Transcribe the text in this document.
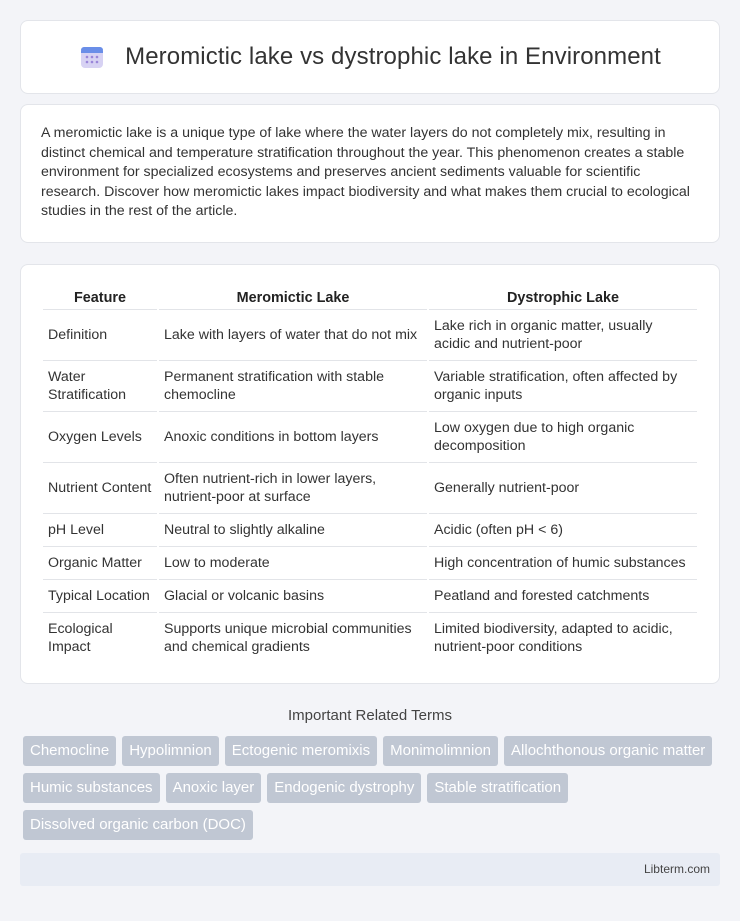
Meromictic lake vs dystrophic lake in Environment

A meromictic lake is a unique type of lake where the water layers do not completely mix, resulting in distinct chemical and temperature stratification throughout the year. This phenomenon creates a stable environment for specialized ecosystems and preserves ancient sediments valuable for scientific research. Discover how meromictic lakes impact biodiversity and what makes them crucial to ecological studies in the rest of the article.

Feature	Meromictic Lake	Dystrophic Lake
Definition	Lake with layers of water that do not mix	Lake rich in organic matter, usually acidic and nutrient-poor
Water Stratification	Permanent stratification with stable chemocline	Variable stratification, often affected by organic inputs
Oxygen Levels	Anoxic conditions in bottom layers	Low oxygen due to high organic decomposition
Nutrient Content	Often nutrient-rich in lower layers, nutrient-poor at surface	Generally nutrient-poor
pH Level	Neutral to slightly alkaline	Acidic (often pH < 6)
Organic Matter	Low to moderate	High concentration of humic substances
Typical Location	Glacial or volcanic basins	Peatland and forested catchments
Ecological Impact	Supports unique microbial communities and chemical gradients	Limited biodiversity, adapted to acidic, nutrient-poor conditions
Important Related Terms
Chemocline	Hypolimnion	Ectogenic meromixis	Monimolimnion	Allochthonous organic matter
Humic substances	Anoxic layer	Endogenic dystrophy	Stable stratification
Dissolved organic carbon (DOC)
Libterm.com
